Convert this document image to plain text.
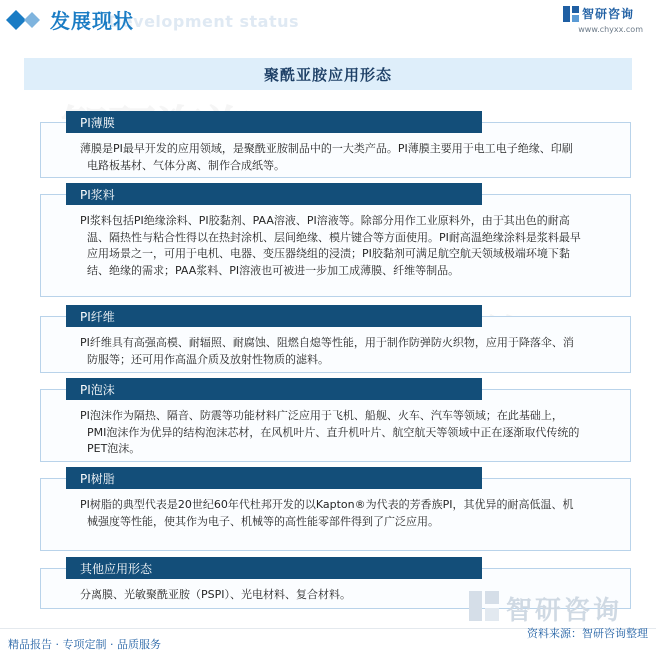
Development status
发展现状	智研咨询
www.chyxx.com
聚酰亚胺应用形态
PI薄膜
薄膜是PI最早开发的应用领域，是聚酰亚胺制品中的一大类产品。PI薄膜主要用于电工电子绝缘、印刷电路板基材、气体分离、制作合成纸等。
PI浆料
PI浆料包括PI绝缘涂料、PI胶黏剂、PAA溶液、PI溶液等。除部分用作工业原料外，由于其出色的耐高温、隔热性与粘合性得以在热封涂机、层间绝缘、模片键合等方面使用。PI耐高温绝缘涂料是浆料最早应用场景之一，可用于电机、电器、变压器绕组的浸渍；PI胶黏剂可满足航空航天领域极端环境下黏结、绝缘的需求；PAA浆料、PI溶液也可被进一步加工成薄膜、纤维等制品。
PI纤维
PI纤维具有高强高模、耐辐照、耐腐蚀、阻燃自熄等性能，用于制作防弹防火织物，应用于降落伞、消防服等；还可用作高温介质及放射性物质的滤料。
PI泡沫
PI泡沫作为隔热、隔音、防震等功能材料广泛应用于飞机、船舰、火车、汽车等领域；在此基础上，PMI泡沫作为优异的结构泡沫芯材，在风机叶片、直升机叶片、航空航天等领域中正在逐渐取代传统的PET泡沫。
PI树脂
PI树脂的典型代表是20世纪60年代杜邦开发的以Kapton®为代表的芳香族PI，其优异的耐高低温、机械强度等性能，使其作为电子、机械等的高性能零部件得到了广泛应用。
其他应用形态
分离膜、光敏聚酰亚胺（PSPI）、光电材料、复合材料。
智研咨询
精品报告 · 专项定制 · 品质服务
资料来源：智研咨询整理
